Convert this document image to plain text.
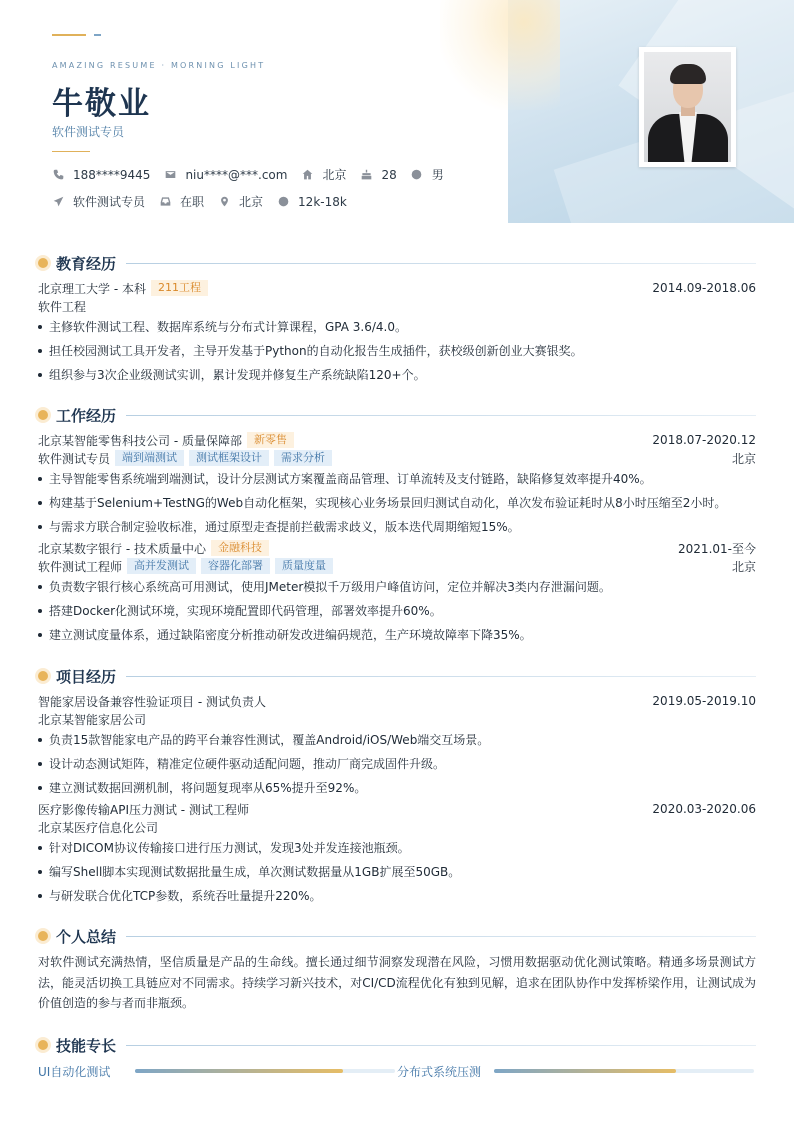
AMAZING RESUME · MORNING LIGHT
牛敬业
软件测试专员
188****9445	niu****@***.com	北京	28	男
软件测试专员	在职	北京	12k-18k
教育经历
北京理工大学 - 本科	211工程	2014.09-2018.06
软件工程
主修软件测试工程、数据库系统与分布式计算课程，GPA 3.6/4.0。
担任校园测试工具开发者，主导开发基于Python的自动化报告生成插件，获校级创新创业大赛银奖。
组织参与3次企业级测试实训，累计发现并修复生产系统缺陷120+个。
工作经历
北京某智能零售科技公司 - 质量保障部	新零售	2018.07-2020.12
软件测试专员	端到端测试	测试框架设计	需求分析	北京
主导智能零售系统端到端测试，设计分层测试方案覆盖商品管理、订单流转及支付链路，缺陷修复效率提升40%。
构建基于Selenium+TestNG的Web自动化框架，实现核心业务场景回归测试自动化，单次发布验证耗时从8小时压缩至2小时。
与需求方联合制定验收标准，通过原型走查提前拦截需求歧义，版本迭代周期缩短15%。
北京某数字银行 - 技术质量中心	金融科技	2021.01-至今
软件测试工程师	高并发测试	容器化部署	质量度量	北京
负责数字银行核心系统高可用测试，使用JMeter模拟千万级用户峰值访问，定位并解决3类内存泄漏问题。
搭建Docker化测试环境，实现环境配置即代码管理，部署效率提升60%。
建立测试度量体系，通过缺陷密度分析推动研发改进编码规范，生产环境故障率下降35%。
项目经历
智能家居设备兼容性验证项目 - 测试负责人	2019.05-2019.10
北京某智能家居公司
负责15款智能家电产品的跨平台兼容性测试，覆盖Android/iOS/Web端交互场景。
设计动态测试矩阵，精准定位硬件驱动适配问题，推动厂商完成固件升级。
建立测试数据回溯机制，将问题复现率从65%提升至92%。
医疗影像传输API压力测试 - 测试工程师	2020.03-2020.06
北京某医疗信息化公司
针对DICOM协议传输接口进行压力测试，发现3处并发连接池瓶颈。
编写Shell脚本实现测试数据批量生成，单次测试数据量从1GB扩展至50GB。
与研发联合优化TCP参数，系统吞吐量提升220%。
个人总结
对软件测试充满热情，坚信质量是产品的生命线。擅长通过细节洞察发现潜在风险，习惯用数据驱动优化测试策略。精通多场景测试方法，能灵活切换工具链应对不同需求。持续学习新兴技术，对CI/CD流程优化有独到见解，追求在团队协作中发挥桥梁作用，让测试成为价值创造的参与者而非瓶颈。
技能专长
UI自动化测试	分布式系统压测
